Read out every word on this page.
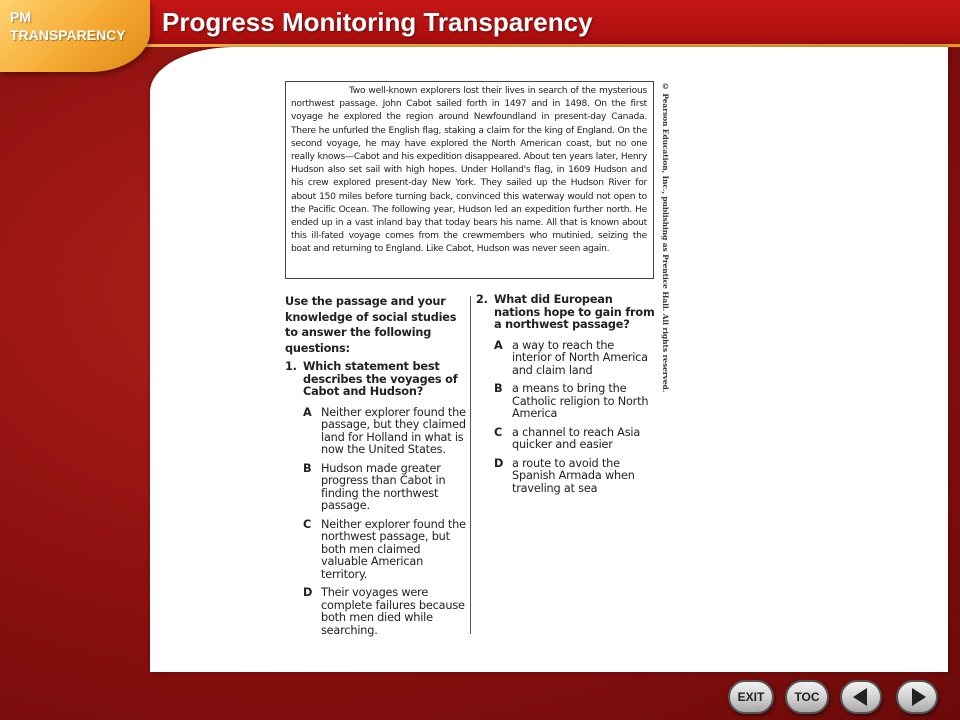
PM
TRANSPARENCY	Progress Monitoring Transparency
Two well-known explorers lost their lives in search of the mysterious northwest passage. John Cabot sailed forth in 1497 and in 1498. On the first voyage he explored the region around Newfoundland in present-day Canada. There he unfurled the English flag, staking a claim for the king of England. On the second voyage, he may have explored the North American coast, but no one really knows—Cabot and his expedition disappeared. About ten years later, Henry Hudson also set sail with high hopes. Under Holland's flag, in 1609 Hudson and his crew explored present-day New York. They sailed up the Hudson River for about 150 miles before turning back, convinced this waterway would not open to the Pacific Ocean. The following year, Hudson led an expedition further north. He ended up in a vast inland bay that today bears his name. All that is known about this ill-fated voyage comes from the crewmembers who mutinied, seizing the boat and returning to England. Like Cabot, Hudson was never seen again.	© Pearson Education, Inc., publishing as Prentice Hall. All rights reserved.
Use the passage and your knowledge of social studies to answer the following questions:
1. Which statement best describes the voyages of Cabot and Hudson?
A Neither explorer found the passage, but they claimed land for Holland in what is now the United States.
B Hudson made greater progress than Cabot in finding the northwest passage.
C Neither explorer found the northwest passage, but both men claimed valuable American territory.
D Their voyages were complete failures because both men died while searching.
2. What did European nations hope to gain from a northwest passage?
A a way to reach the interior of North America and claim land
B a means to bring the Catholic religion to North America
C a channel to reach Asia quicker and easier
D a route to avoid the Spanish Armada when traveling at sea
EXIT	TOC
